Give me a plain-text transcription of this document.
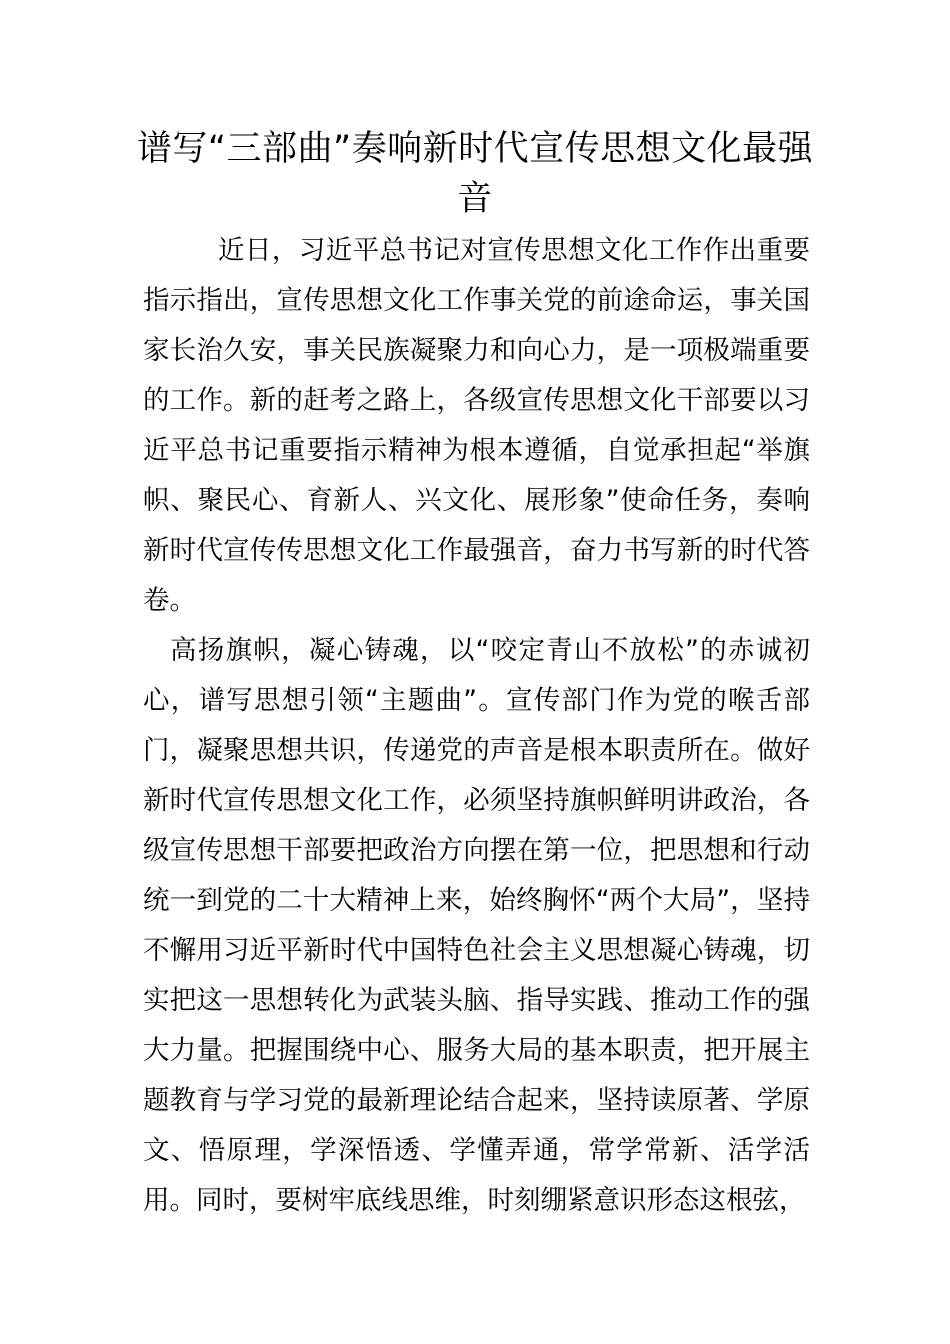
谱写“三部曲”奏响新时代宣传思想文化最强音

近日，习近平总书记对宣传思想文化工作作出重要指示指出，宣传思想文化工作事关党的前途命运，事关国家长治久安，事关民族凝聚力和向心力，是一项极端重要的工作。新的赶考之路上，各级宣传思想文化干部要以习近平总书记重要指示精神为根本遵循，自觉承担起“举旗帜、聚民心、育新人、兴文化、展形象”使命任务，奏响新时代宣传传思想文化工作最强音，奋力书写新的时代答卷。

高扬旗帜，凝心铸魂，以“咬定青山不放松”的赤诚初心，谱写思想引领“主题曲”。宣传部门作为党的喉舌部门，凝聚思想共识，传递党的声音是根本职责所在。做好新时代宣传思想文化工作，必须坚持旗帜鲜明讲政治，各级宣传思想干部要把政治方向摆在第一位，把思想和行动统一到党的二十大精神上来，始终胸怀“两个大局”，坚持不懈用习近平新时代中国特色社会主义思想凝心铸魂，切实把这一思想转化为武装头脑、指导实践、推动工作的强大力量。把握围绕中心、服务大局的基本职责，把开展主题教育与学习党的最新理论结合起来，坚持读原著、学原文、悟原理，学深悟透、学懂弄通，常学常新、活学活用。同时，要树牢底线思维，时刻绷紧意识形态这根弦，
